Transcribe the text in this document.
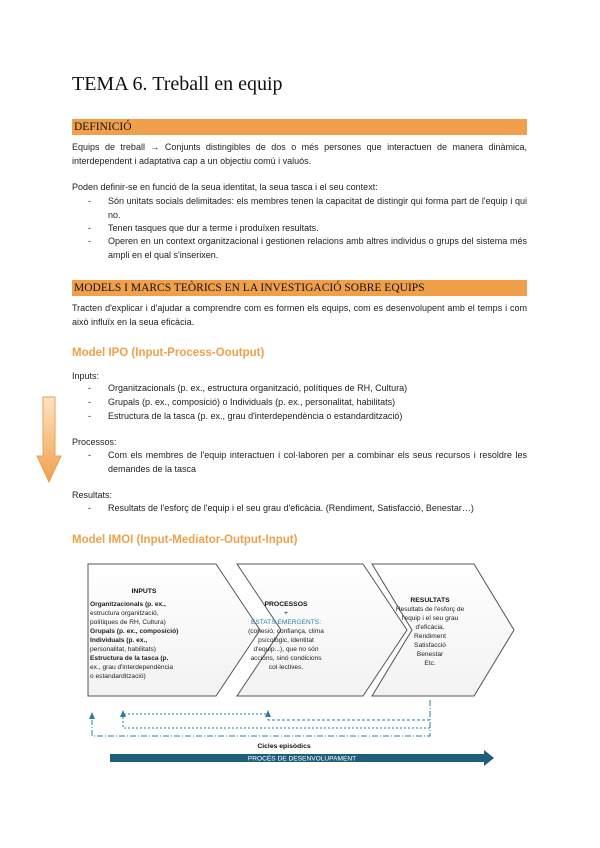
TEMA 6. Treball en equip
DEFINICIÓ
Equips de treball → Conjunts distingibles de dos o més persones que interactuen de manera dinàmica, interdependent i adaptativa cap a un objectiu comú i valuós.
Poden definir-se en funció de la seua identitat, la seua tasca i el seu context:
- Són unitats socials delimitades: els membres tenen la capacitat de distingir qui forma part de l'equip i qui no.
- Tenen tasques que dur a terme i produïxen resultats.
- Operen en un context organitzacional i gestionen relacions amb altres individus o grups del sistema més ampli en el qual s'inserixen.
MODELS I MARCS TEÒRICS EN LA INVESTIGACIÓ SOBRE EQUIPS
Tracten d'explicar i d'ajudar a comprendre com es formen els equips, com es desenvolupent amb el temps i com això influïx en la seua eficàcia.
Model IPO (Input-Process-Ooutput)
Inputs:
- Organitzacionals (p. ex., estructura organització, polítiques de RH, Cultura)
- Grupals (p. ex., composició) o Individuals (p. ex., personalitat, habilitats)
- Estructura de la tasca (p. ex., grau d'interdependència o estandardització)
Processos:
- Com els membres de l'equip interactuen i col·laboren per a combinar els seus recursos i resoldre les demandes de la tasca
Resultats:
- Resultats de l'esforç de l'equip i el seu grau d'eficàcia. (Rendiment, Satisfacció, Benestar…)
Model IMOI (Input-Mediator-Output-Input)
INPUTS
Organitzacionals (p. ex.,
estructura organització,
polítiques de RH, Cultura)
Grupals (p. ex., composició)
Individuals (p. ex.,
personalitat, habilitats)
Estructura de la tasca (p.
ex., grau d'interdependència
o estandardització)
PROCESSOS
+
ESTATS EMERGENTS:
(cohesió, confiança, clima
psicològic, identitat
d'equip...), que no són
accions, sinó condicions
col·lectives.
RESULTATS
Resultats de l'esforç de
l'equip i el seu grau
d'eficàcia.
Rendiment
Satisfacció
Benestar
Etc.
Cicles episòdics
PROCÉS DE DESENVOLUPAMENT
